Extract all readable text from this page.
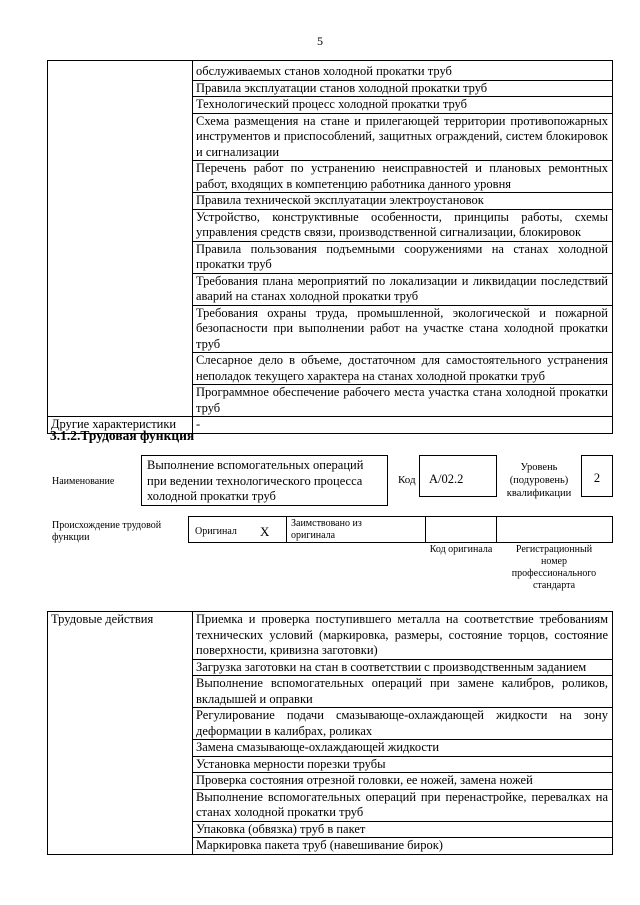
5
	обслуживаемых станов холодной прокатки труб
	Правила эксплуатации станов холодной прокатки труб
	Технологический процесс холодной прокатки труб
	Схема размещения на стане и прилегающей территории противопожарных инструментов и приспособлений, защитных ограждений, систем блокировок и сигнализации
	Перечень работ по устранению неисправностей и плановых ремонтных работ, входящих в компетенцию работника данного уровня
	Правила технической эксплуатации электроустановок
	Устройство, конструктивные особенности, принципы работы, схемы управления средств связи, производственной сигнализации, блокировок
	Правила пользования подъемными сооружениями на станах холодной прокатки труб
	Требования плана мероприятий по локализации и ликвидации последствий аварий на станах холодной прокатки труб
	Требования охраны труда, промышленной, экологической и пожарной безопасности при выполнении работ на участке стана холодной прокатки труб
	Слесарное дело в объеме, достаточном для самостоятельного устранения неполадок текущего характера на станах холодной прокатки труб
	Программное обеспечение рабочего места участка стана холодной прокатки труб
Другие характеристики	-
3.1.2.Трудовая функция
Наименование
Выполнение вспомогательных операций при ведении технологического процесса холодной прокатки труб
Код	A/02.2
Уровень (подуровень) квалификации
2
Происхождение трудовой функции
Оригинал X
Заимствовано из оригинала
Код оригинала	Регистрационный номер профессионального стандарта
Трудовые действия	Приемка и проверка поступившего металла на соответствие требованиям технических условий (маркировка, размеры, состояние торцов, состояние поверхности, кривизна заготовки)
Загрузка заготовки на стан в соответствии с производственным заданием
Выполнение вспомогательных операций при замене калибров, роликов, вкладышей и оправки
Регулирование подачи смазывающе-охлаждающей жидкости на зону деформации в калибрах, роликах
Замена смазывающе-охлаждающей жидкости
Установка мерности порезки трубы
Проверка состояния отрезной головки, ее ножей, замена ножей
Выполнение вспомогательных операций при перенастройке, перевалках на станах холодной прокатки труб
Упаковка (обвязка) труб в пакет
Маркировка пакета труб (навешивание бирок)
